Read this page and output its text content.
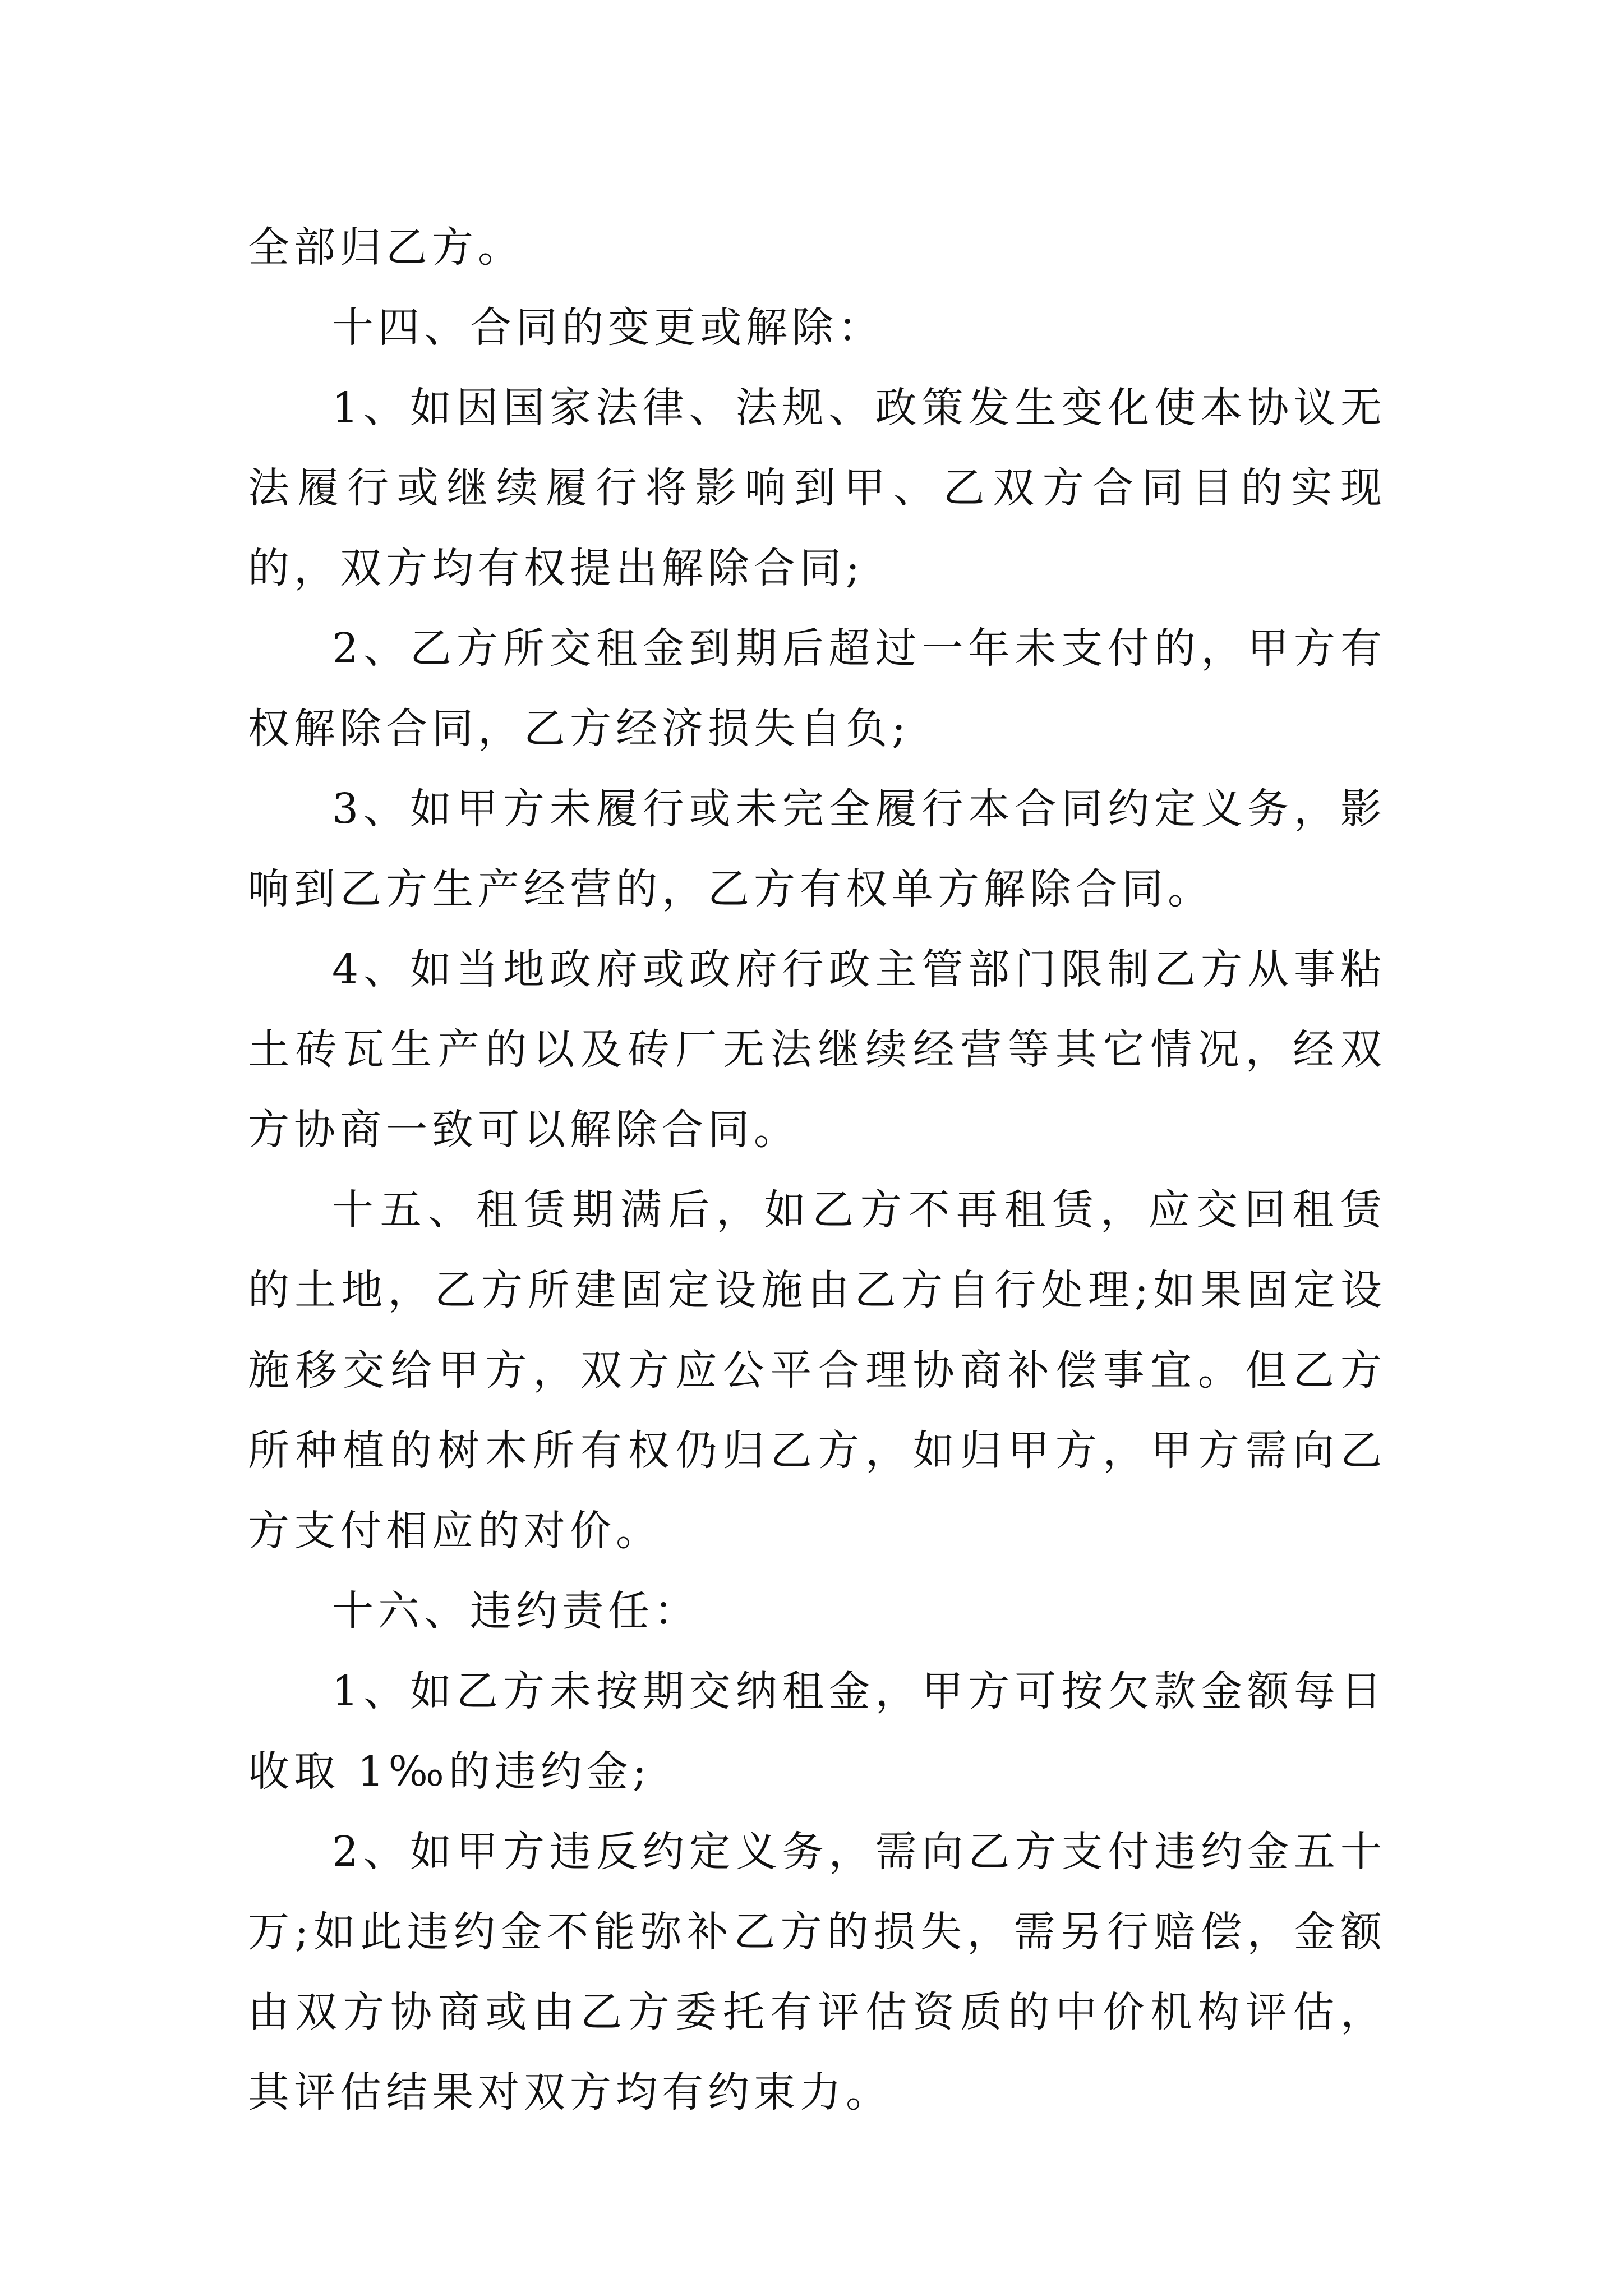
全部归乙方。

十四、合同的变更或解除：

1、如因国家法律、法规、政策发生变化使本协议无法履行或继续履行将影响到甲、乙双方合同目的实现的，双方均有权提出解除合同;

2、乙方所交租金到期后超过一年未支付的，甲方有权解除合同，乙方经济损失自负;

3、如甲方未履行或未完全履行本合同约定义务，影响到乙方生产经营的，乙方有权单方解除合同。

4、如当地政府或政府行政主管部门限制乙方从事粘土砖瓦生产的以及砖厂无法继续经营等其它情况，经双方协商一致可以解除合同。

十五、租赁期满后，如乙方不再租赁，应交回租赁的土地，乙方所建固定设施由乙方自行处理;如果固定设施移交给甲方，双方应公平合理协商补偿事宜。但乙方所种植的树木所有权仍归乙方，如归甲方，甲方需向乙方支付相应的对价。

十六、违约责任：

1、如乙方未按期交纳租金，甲方可按欠款金额每日收取 1‰的违约金;

2、如甲方违反约定义务，需向乙方支付违约金五十万;如此违约金不能弥补乙方的损失，需另行赔偿，金额由双方协商或由乙方委托有评估资质的中价机构评估，其评估结果对双方均有约束力。
